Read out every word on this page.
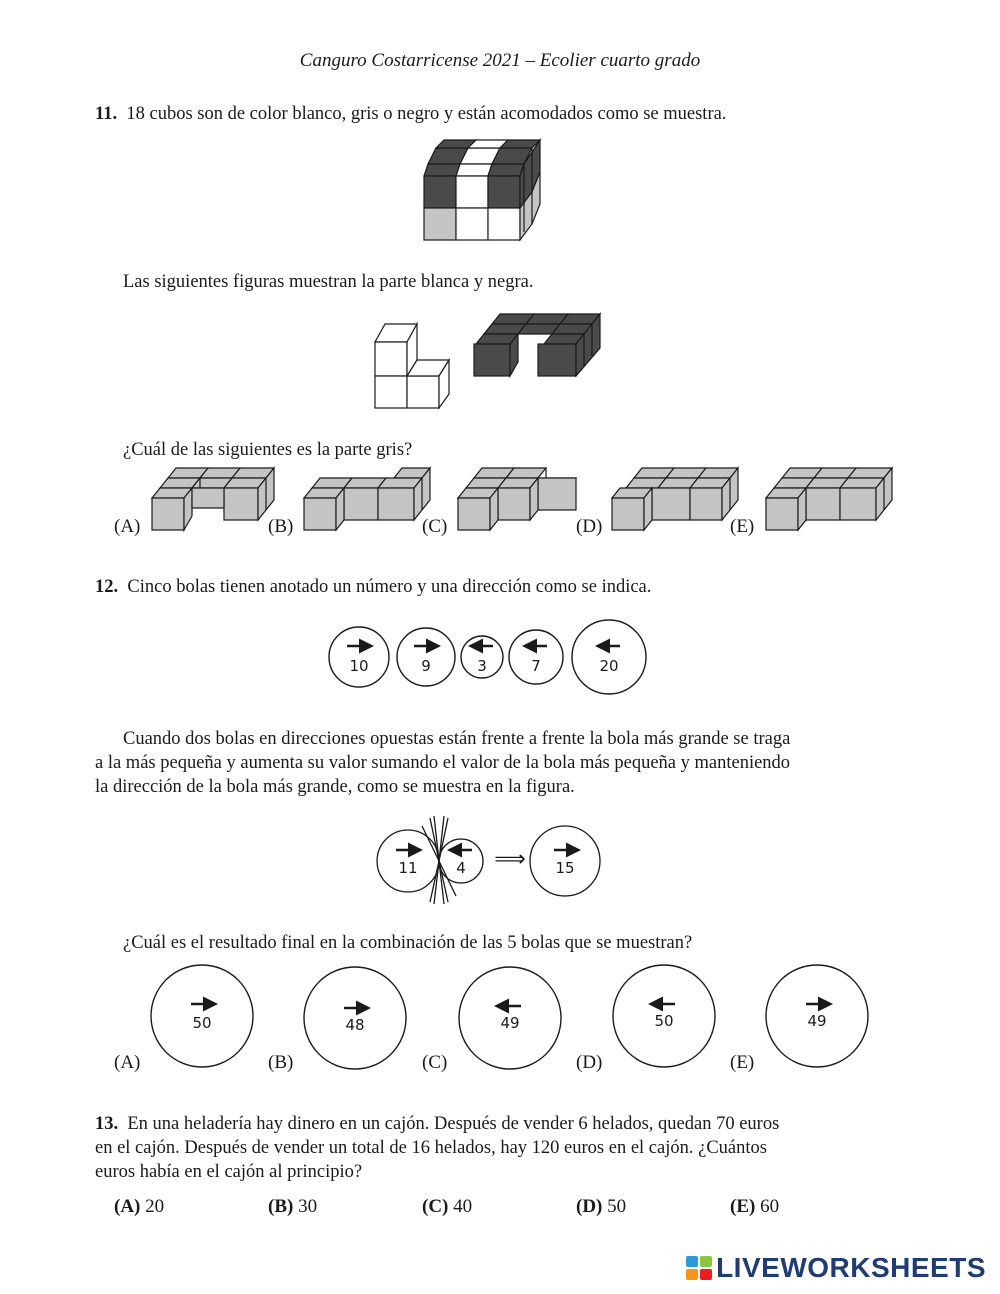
Canguro Costarricense 2021 – Ecolier cuarto grado
11. 18 cubos son de color blanco, gris o negro y están acomodados como se muestra.
Las siguientes figuras muestran la parte blanca y negra.
¿Cuál de las siguientes es la parte gris?
(A)	(B)	(C)	(D)	(E)
12. Cinco bolas tienen anotado un número y una dirección como se indica.
10	9	3	7	20
Cuando dos bolas en direcciones opuestas están frente a frente la bola más grande se traga
a la más pequeña y aumenta su valor sumando el valor de la bola más pequeña y manteniendo
la dirección de la bola más grande, como se muestra en la figura.
11	4	15
⟹
¿Cuál es el resultado final en la combinación de las 5 bolas que se muestran?
(A)
50
(B)
48
(C)
49
(D)
50
(E)
49
13. En una heladería hay dinero en un cajón. Después de vender 6 helados, quedan 70 euros
en el cajón. Después de vender un total de 16 helados, hay 120 euros en el cajón. ¿Cuántos
euros había en el cajón al principio?
(A) 20	(B) 30	(C) 40	(D) 50	(E) 60
LIVEWORKSHEETS
